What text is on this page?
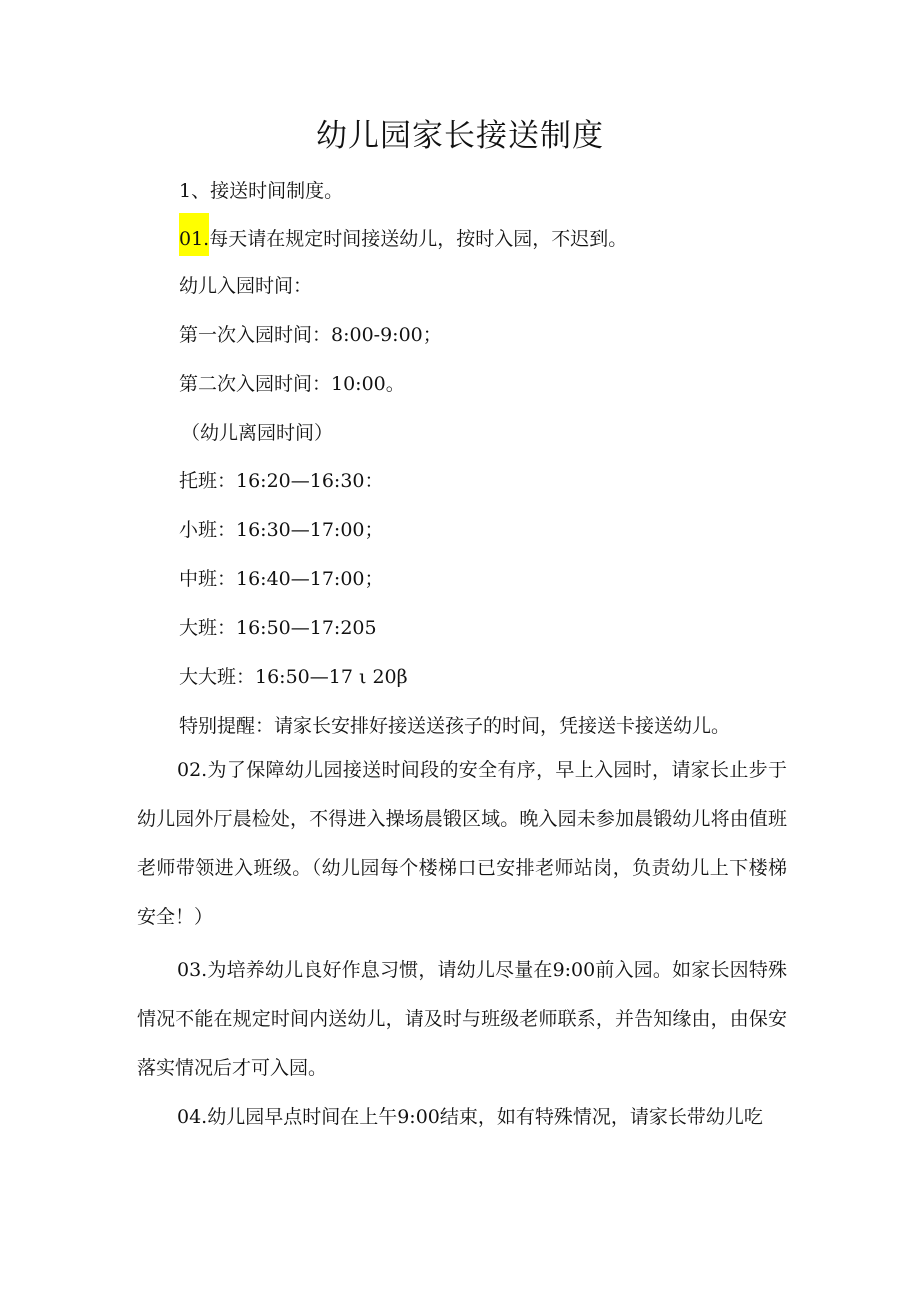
幼儿园家长接送制度
1、接送时间制度。
01.每天请在规定时间接送幼儿，按时入园，不迟到。
幼儿入园时间：
第一次入园时间：8:00-9:00；
第二次入园时间：10:00。
（幼儿离园时间）
托班：16:20—16:30：
小班：16:30—17:00；
中班：16:40—17:00；
大班：16:50—17:205
大大班：16:50—17 ι 20β
特别提醒：请家长安排好接送送孩子的时间，凭接送卡接送幼儿。

02.为了保障幼儿园接送时间段的安全有序，早上入园时，请家长止步于幼儿园外厅晨检处，不得进入操场晨锻区域。晚入园未参加晨锻幼儿将由值班老师带领进入班级。（幼儿园每个楼梯口已安排老师站岗，负责幼儿上下楼梯安全！）

03.为培养幼儿良好作息习惯，请幼儿尽量在9:00前入园。如家长因特殊情况不能在规定时间内送幼儿，请及时与班级老师联系，并告知缘由，由保安落实情况后才可入园。

04.幼儿园早点时间在上午9:00结束，如有特殊情况，请家长带幼儿吃
